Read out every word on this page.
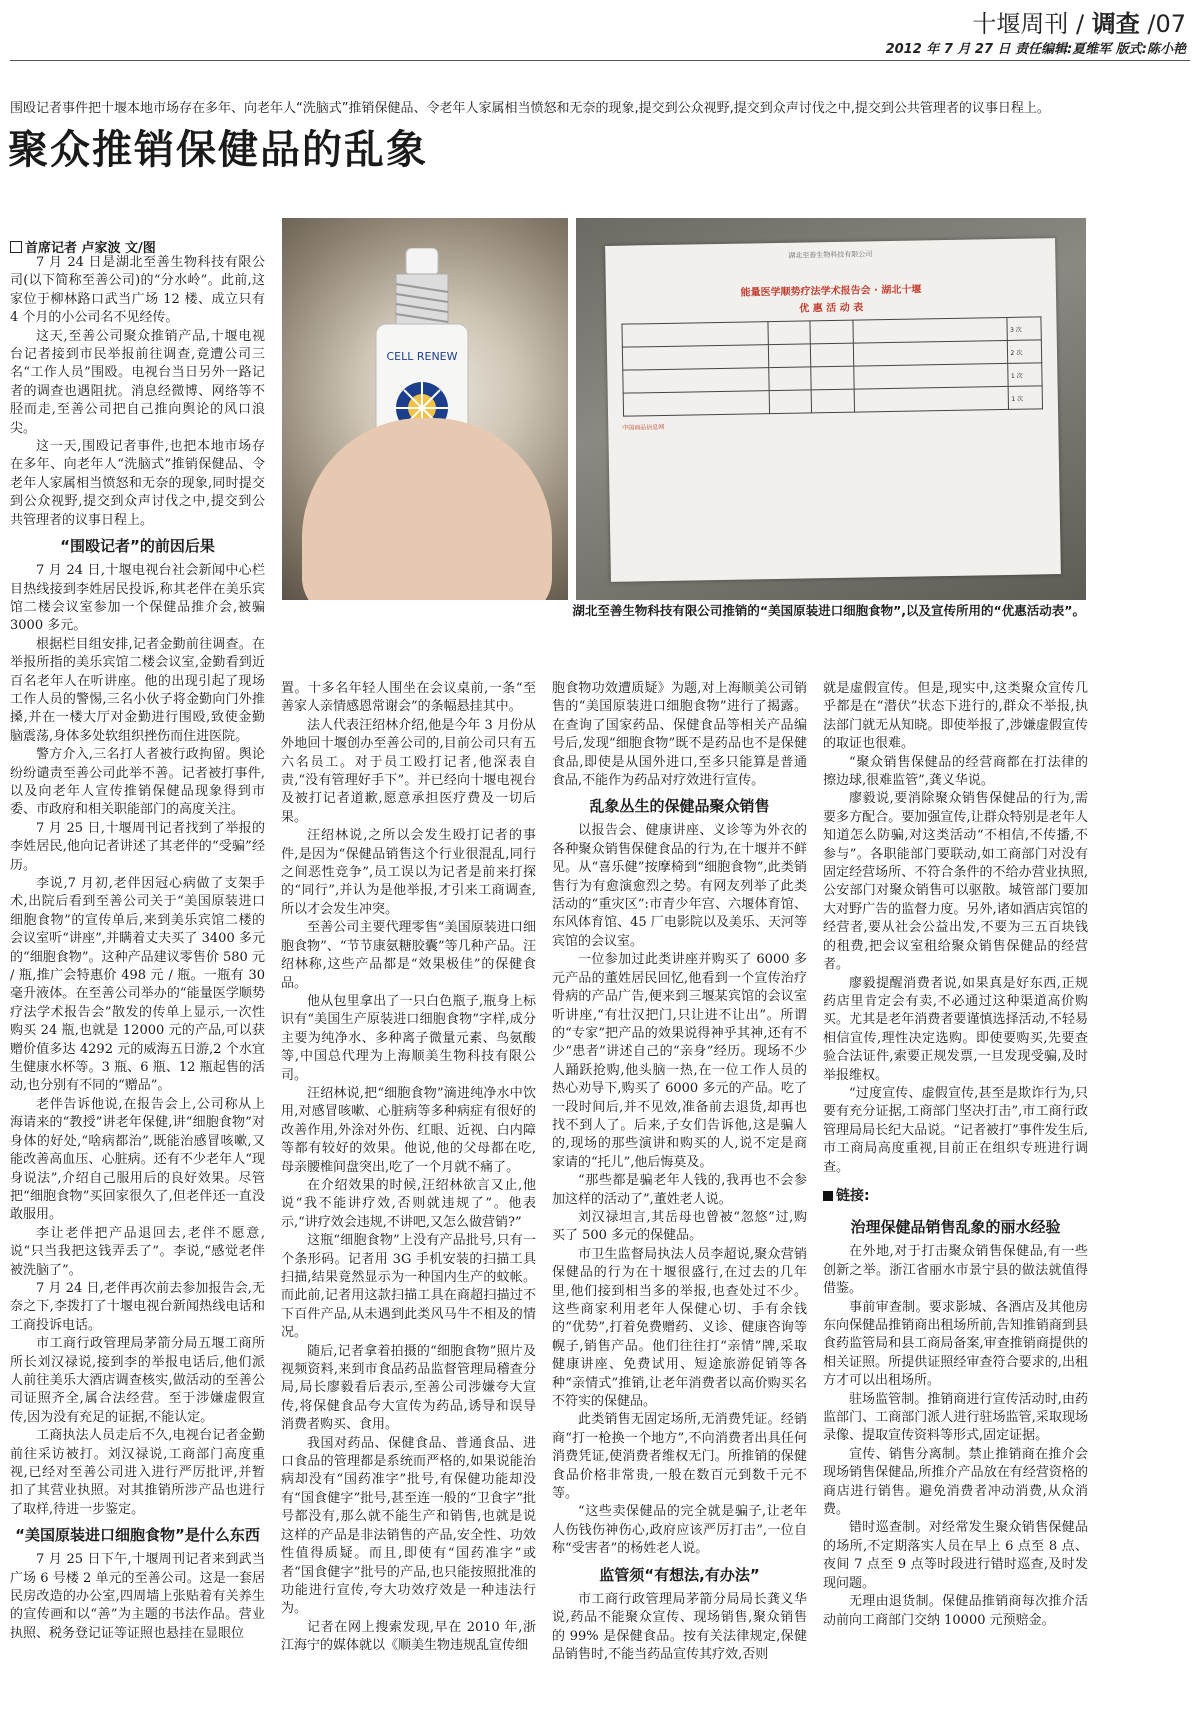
十堰周刊 / 调查 /07
2012 年 7 月 27 日 责任编辑:夏维军 版式:陈小艳
围殴记者事件把十堰本地市场存在多年、向老年人“洗脑式”推销保健品、令老年人家属相当愤怒和无奈的现象,提交到公众视野,提交到众声讨伐之中,提交到公共管理者的议事日程上。
聚众推销保健品的乱象
首席记者 卢家波 文/图
CELL RENEW
湖北至善生物科技有限公司
能量医学顺势疗法学术报告会 · 湖北十堰
优 惠 活 动 表
				3 次
				2 次
				1 次
				1 次
中国商品信息网
湖北至善生物科技有限公司推销的“美国原装进口细胞食物”,以及宣传所用的“优惠活动表”。

7 月 24 日是湖北至善生物科技有限公司(以下简称至善公司)的“分水岭”。此前,这家位于柳林路口武当广场 12 楼、成立只有 4 个月的小公司名不见经传。

这天,至善公司聚众推销产品,十堰电视台记者接到市民举报前往调查,竟遭公司三名“工作人员”围殴。电视台当日另外一路记者的调查也遇阻扰。消息经微博、网络等不胫而走,至善公司把自己推向舆论的风口浪尖。

这一天,围殴记者事件,也把本地市场存在多年、向老年人“洗脑式”推销保健品、令老年人家属相当愤怒和无奈的现象,同时提交到公众视野,提交到众声讨伐之中,提交到公共管理者的议事日程上。

“围殴记者”的前因后果

7 月 24 日,十堰电视台社会新闻中心栏目热线接到李姓居民投诉,称其老伴在美乐宾馆二楼会议室参加一个保健品推介会,被骗 3000 多元。

根据栏目组安排,记者金勤前往调查。在举报所指的美乐宾馆二楼会议室,金勤看到近百名老年人在听讲座。他的出现引起了现场工作人员的警惕,三名小伙子将金勤向门外推搡,并在一楼大厅对金勤进行围殴,致使金勤脑震荡,身体多处软组织挫伤而住进医院。

警方介入,三名打人者被行政拘留。舆论纷纷谴责至善公司此举不善。记者被打事件,以及向老年人宣传推销保健品现象得到市委、市政府和相关职能部门的高度关注。

7 月 25 日,十堰周刊记者找到了举报的李姓居民,他向记者讲述了其老伴的“受骗”经历。

李说,7 月初,老伴因冠心病做了支架手术,出院后看到至善公司关于“美国原装进口细胞食物”的宣传单后,来到美乐宾馆二楼的会议室听“讲座”,并瞒着丈夫买了 3400 多元的“细胞食物”。这种产品建议零售价 580 元 / 瓶,推广会特惠价 498 元 / 瓶。一瓶有 30 毫升液体。在至善公司举办的“能量医学顺势疗法学术报告会”散发的传单上显示,一次性购买 24 瓶,也就是 12000 元的产品,可以获赠价值多达 4292 元的威海五日游,2 个水宜生健康水杯等。3 瓶、6 瓶、12 瓶起售的活动,也分别有不同的“赠品”。

老伴告诉他说,在报告会上,公司称从上海请来的“教授”讲老年保健,讲“细胞食物”对身体的好处,“啥病都治”,既能治感冒咳嗽,又能改善高血压、心脏病。还有不少老年人“现身说法”,介绍自己服用后的良好效果。尽管把“细胞食物”买回家很久了,但老伴还一直没敢服用。

李让老伴把产品退回去,老伴不愿意,说“只当我把这钱弄丢了”。李说,“感觉老伴被洗脑了”。

7 月 24 日,老伴再次前去参加报告会,无奈之下,李拨打了十堰电视台新闻热线电话和工商投诉电话。

市工商行政管理局茅箭分局五堰工商所所长刘汉禄说,接到李的举报电话后,他们派人前往美乐大酒店调查核实,做活动的至善公司证照齐全,属合法经营。至于涉嫌虚假宣传,因为没有充足的证据,不能认定。

工商执法人员走后不久,电视台记者金勤前往采访被打。刘汉禄说,工商部门高度重视,已经对至善公司进入进行严厉批评,并暂扣了其营业执照。对其推销所涉产品也进行了取样,待进一步鉴定。

“美国原装进口细胞食物”是什么东西

7 月 25 日下午,十堰周刊记者来到武当广场 6 号楼 2 单元的至善公司。这是一套居民房改造的办公室,四周墙上张贴着有关养生的宣传画和以“善”为主题的书法作品。营业执照、税务登记证等证照也悬挂在显眼位

置。十多名年轻人围坐在会议桌前,一条“至善家人亲情感恩常谢会”的条幅悬挂其中。

法人代表汪绍林介绍,他是今年 3 月份从外地回十堰创办至善公司的,目前公司只有五六名员工。对于员工殴打记者,他深表自责,“没有管理好手下”。并已经向十堰电视台及被打记者道歉,愿意承担医疗费及一切后果。

汪绍林说,之所以会发生殴打记者的事件,是因为“保健品销售这个行业很混乱,同行之间恶性竞争”,员工误以为记者是前来打探的“同行”,并认为是他举报,才引来工商调查,所以才会发生冲突。

至善公司主要代理零售“美国原装进口细胞食物”、“节节康氨糖胶囊”等几种产品。汪绍林称,这些产品都是“效果极佳”的保健食品。

他从包里拿出了一只白色瓶子,瓶身上标识有“美国生产原装进口细胞食物”字样,成分主要为纯净水、多种离子微量元素、鸟氨酸等,中国总代理为上海顺美生物科技有限公司。

汪绍林说,把“细胞食物”滴进纯净水中饮用,对感冒咳嗽、心脏病等多种病症有很好的改善作用,外涂对外伤、红眼、近视、白内障等都有较好的效果。他说,他的父母都在吃,母亲腰椎间盘突出,吃了一个月就不痛了。

在介绍效果的时候,汪绍林欲言又止,他说“我不能讲疗效,否则就违规了”。他表示,“讲疗效会违规,不讲吧,又怎么做营销?”

这瓶“细胞食物”上没有产品批号,只有一个条形码。记者用 3G 手机安装的扫描工具扫描,结果竟然显示为一种国内生产的蚊帐。而此前,记者用这款扫描工具在商超扫描过不下百件产品,从未遇到此类风马牛不相及的情况。

随后,记者拿着拍摄的“细胞食物”照片及视频资料,来到市食品药品监督管理局稽查分局,局长廖毅看后表示,至善公司涉嫌夸大宣传,将保健食品夸大宣传为药品,诱导和误导消费者购买、食用。

我国对药品、保健食品、普通食品、进口食品的管理都是系统而严格的,如果说能治病却没有“国药准字”批号,有保健功能却没有“国食健字”批号,甚至连一般的“卫食字”批号都没有,那么就不能生产和销售,也就是说这样的产品是非法销售的产品,安全性、功效性值得质疑。而且,即使有“国药准字”或者“国食健字”批号的产品,也只能按照批准的功能进行宣传,夸大功效疗效是一种违法行为。

记者在网上搜索发现,早在 2010 年,浙江海宁的媒体就以《顺美生物违规乱宣传细

胞食物功效遭质疑》为题,对上海顺美公司销售的“美国原装进口细胞食物”进行了揭露。在查询了国家药品、保健食品等相关产品编号后,发现“细胞食物”既不是药品也不是保健食品,即使是从国外进口,至多只能算是普通食品,不能作为药品对疗效进行宣传。

乱象丛生的保健品聚众销售

以报告会、健康讲座、义诊等为外衣的各种聚众销售保健食品的行为,在十堰并不鲜见。从“喜乐健”按摩椅到“细胞食物”,此类销售行为有愈演愈烈之势。有网友列举了此类活动的“重灾区”:市青少年宫、六堰体育馆、东风体育馆、45 厂电影院以及美乐、天河等宾馆的会议室。

一位参加过此类讲座并购买了 6000 多元产品的董姓居民回忆,他看到一个宣传治疗骨病的产品广告,便来到三堰某宾馆的会议室听讲座,“有壮汉把门,只让进不让出”。所谓的“专家”把产品的效果说得神乎其神,还有不少“患者”讲述自己的“亲身”经历。现场不少人踊跃抢购,他头脑一热,在一位工作人员的热心劝导下,购买了 6000 多元的产品。吃了一段时间后,并不见效,准备前去退货,却再也找不到人了。后来,子女们告诉他,这是骗人的,现场的那些演讲和购买的人,说不定是商家请的“托儿”,他后悔莫及。

“那些都是骗老年人钱的,我再也不会参加这样的活动了”,董姓老人说。

刘汉禄坦言,其岳母也曾被“忽悠”过,购买了 500 多元的保健品。

市卫生监督局执法人员李超说,聚众营销保健品的行为在十堰很盛行,在过去的几年里,他们接到相当多的举报,也查处过不少。这些商家利用老年人保健心切、手有余钱的“优势”,打着免费赠药、义诊、健康咨询等幌子,销售产品。他们往往打“亲情”牌,采取健康讲座、免费试用、短途旅游促销等各种“亲情式”推销,让老年消费者以高价购买名不符实的保健品。

此类销售无固定场所,无消费凭证。经销商“打一枪换一个地方”,不向消费者出具任何消费凭证,使消费者维权无门。所推销的保健食品价格非常贵,一般在数百元到数千元不等。

“这些卖保健品的完全就是骗子,让老年人伤钱伤神伤心,政府应该严厉打击”,一位自称“受害者”的杨姓老人说。

监管须“有想法,有办法”

市工商行政管理局茅箭分局局长龚义华说,药品不能聚众宣传、现场销售,聚众销售的 99% 是保健食品。按有关法律规定,保健品销售时,不能当药品宣传其疗效,否则

就是虚假宣传。但是,现实中,这类聚众宣传几乎都是在“潜伏”状态下进行的,群众不举报,执法部门就无从知晓。即使举报了,涉嫌虚假宣传的取证也很难。

“聚众销售保健品的经营商都在打法律的擦边球,很难监管”,龚义华说。

廖毅说,要消除聚众销售保健品的行为,需要多方配合。要加强宣传,让群众特别是老年人知道怎么防骗,对这类活动“不相信,不传播,不参与”。各职能部门要联动,如工商部门对没有固定经营场所、不符合条件的不给办营业执照,公安部门对聚众销售可以驱散。城管部门要加大对野广告的监督力度。另外,诸如酒店宾馆的经营者,要从社会公益出发,不要为三五百块钱的租费,把会议室租给聚众销售保健品的经营者。

廖毅提醒消费者说,如果真是好东西,正规药店里肯定会有卖,不必通过这种渠道高价购买。尤其是老年消费者要谨慎选择活动,不轻易相信宣传,理性决定选购。即使要购买,先要查验合法证件,索要正规发票,一旦发现受骗,及时举报维权。

“过度宣传、虚假宣传,甚至是欺诈行为,只要有充分证据,工商部门坚决打击”,市工商行政管理局局长纪大品说。“记者被打”事件发生后,市工商局高度重视,目前正在组织专班进行调查。

链接:

治理保健品销售乱象的丽水经验

在外地,对于打击聚众销售保健品,有一些创新之举。浙江省丽水市景宁县的做法就值得借鉴。

事前审查制。要求影城、各酒店及其他房东向保健品推销商出租场所前,告知推销商到县食药监管局和县工商局备案,审查推销商提供的相关证照。所提供证照经审查符合要求的,出租方才可以出租场所。

驻场监管制。推销商进行宣传活动时,由药监部门、工商部门派人进行驻场监管,采取现场录像、提取宣传资料等形式,固定证据。

宣传、销售分离制。禁止推销商在推介会现场销售保健品,所推介产品放在有经营资格的商店进行销售。避免消费者冲动消费,从众消费。

错时巡查制。对经常发生聚众销售保健品的场所,不定期落实人员在早上 6 点至 8 点、夜间 7 点至 9 点等时段进行错时巡查,及时发现问题。

无理由退货制。保健品推销商每次推介活动前向工商部门交纳 10000 元预赔金。
